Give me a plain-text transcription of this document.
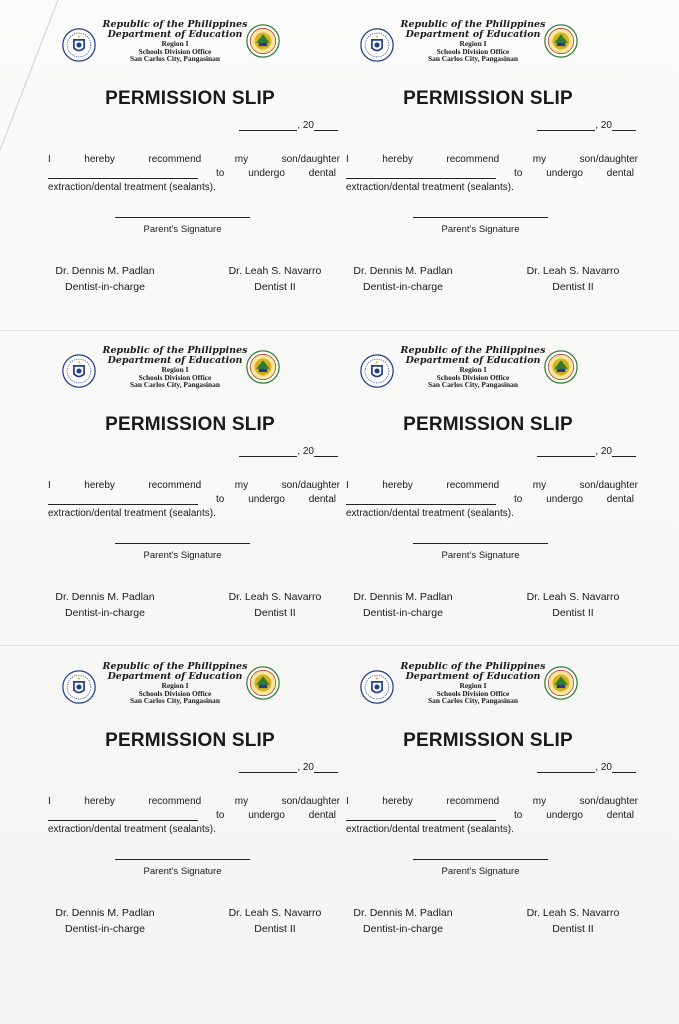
Republic of the Philippines
Department of Education
Region I
Schools Division Office
San Carlos City, Pangasinan
PERMISSION SLIP
, 20
I hereby recommend my son/daughter
to undergo dental
extraction/dental treatment (sealants).
Parent’s Signature
Dr. Dennis M. Padlan
Dentist-in-charge
Dr. Leah S. Navarro
Dentist II
Republic of the Philippines
Department of Education
Region I
Schools Division Office
San Carlos City, Pangasinan
PERMISSION SLIP
, 20
I hereby recommend my son/daughter
to undergo dental
extraction/dental treatment (sealants).
Parent’s Signature
Dr. Dennis M. Padlan
Dentist-in-charge
Dr. Leah S. Navarro
Dentist II
Republic of the Philippines
Department of Education
Region I
Schools Division Office
San Carlos City, Pangasinan
PERMISSION SLIP
, 20
I hereby recommend my son/daughter
to undergo dental
extraction/dental treatment (sealants).
Parent’s Signature
Dr. Dennis M. Padlan
Dentist-in-charge
Dr. Leah S. Navarro
Dentist II
Republic of the Philippines
Department of Education
Region I
Schools Division Office
San Carlos City, Pangasinan
PERMISSION SLIP
, 20
I hereby recommend my son/daughter
to undergo dental
extraction/dental treatment (sealants).
Parent’s Signature
Dr. Dennis M. Padlan
Dentist-in-charge
Dr. Leah S. Navarro
Dentist II
Republic of the Philippines
Department of Education
Region I
Schools Division Office
San Carlos City, Pangasinan
PERMISSION SLIP
, 20
I hereby recommend my son/daughter
to undergo dental
extraction/dental treatment (sealants).
Parent’s Signature
Dr. Dennis M. Padlan
Dentist-in-charge
Dr. Leah S. Navarro
Dentist II
Republic of the Philippines
Department of Education
Region I
Schools Division Office
San Carlos City, Pangasinan
PERMISSION SLIP
, 20
I hereby recommend my son/daughter
to undergo dental
extraction/dental treatment (sealants).
Parent’s Signature
Dr. Dennis M. Padlan
Dentist-in-charge
Dr. Leah S. Navarro
Dentist II
